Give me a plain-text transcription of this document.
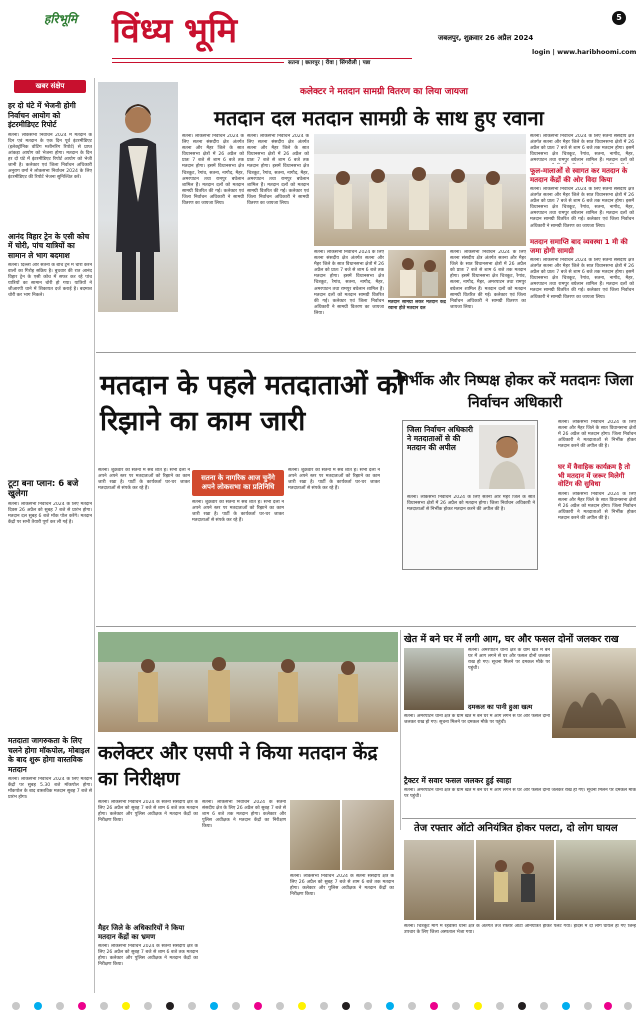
हरिभूमि विंध्य भूमि	5
जबलपुर, शुक्रवार 26 अप्रैल 2024
login | www.haribhoomi.com
सतना | छतरपुर | रीवा | सिंगरौली | पन्ना
खबर संक्षेप
हर दो घंटे में भेजनी होगी निर्वाचन आयोग को इंटरमीडिएट रिपोर्ट
सतना। लोकसभा निर्वाचन 2024 में मतदान के दिन एवं मतदान के एक दिन पूर्व इंटरमीडिएट (इलेक्ट्रॉनिक वोटिंग मशीनरिंग रिपोर्ट) से प्राप्त आंकड़ा आयोग को भेजना होगा। मतदान के दिन हर दो घंटे में इंटरमीडिएट रिपोर्ट आयोग को भेजी जानी है। कलेक्टर एवं जिला निर्वाचन अधिकारी अनुराग वर्मा ने लोकसभा निर्वाचन 2024 के लिए इंटरमीडिएट की रिपोर्ट भेजना सुनिश्चित करें।
आनंद विहार ट्रेन के एसी कोच में चोरी, पांच यात्रियों का सामान ले भाग बदमाश
सतना। दिल्ली और सतना के बीच ट्रेन में चोरी करने वालों का गिरोह सक्रिय है। बुधवार की रात आनंद विहार ट्रेन के एसी कोच में सफर कर रहे पांच यात्रियों का सामान चोरी हो गया। यात्रियों ने जीआरपी थाने में शिकायत दर्ज कराई है। बदमाश चोरी कर भाग निकले।
टूटा बना प्लान: 6 बजे खुलेगा
सतना। लोकसभा निर्वाचन 2024 के लिए मतदान दिवस 26 अप्रैल को सुबह 7 बजे से प्रारंभ होगा। मतदान दल सुबह 6 बजे मॉक पोल करेंगे। मतदान केंद्रों पर सभी तैयारी पूर्ण कर ली गई है।
मतदाता जागरुकता के लिए चलने होगा मॉकपोल, मोबाइल के बाद शुरू होगा वास्तविक मतदान
सतना। लोकसभा निर्वाचन 2024 के लिए मतदान केंद्रों पर सुबह 5.30 बजे मॉकपोल होगा। मॉकपोल के बाद वास्तविक मतदान सुबह 7 बजे से प्रारंभ होगा।
कलेक्टर ने मतदान सामग्री वितरण का लिया जायजा
मतदान दल मतदान सामग्री के साथ हुए रवाना
सतना। लोकसभा निर्वाचन 2024 के लिए सतना संसदीय क्षेत्र अंतर्गत सतना और मैहर जिले के सात विधानसभा क्षेत्रों में 26 अप्रैल को प्रातः 7 बजे से शाम 6 बजे तक मतदान होगा। इसमें विधानसभा क्षेत्र चित्रकूट, रैगांव, सतना, नागौद, मैहर, अमरपाटन तथा रामपुर बघेलान शामिल हैं। मतदान दलों को मतदान सामग्री वितरित की गई। कलेक्टर एवं जिला निर्वाचन अधिकारी ने सामग्री वितरण का जायजा लिया।
सतना। लोकसभा निर्वाचन 2024 के लिए सतना संसदीय क्षेत्र अंतर्गत सतना और मैहर जिले के सात विधानसभा क्षेत्रों में 26 अप्रैल को प्रातः 7 बजे से शाम 6 बजे तक मतदान होगा। इसमें विधानसभा क्षेत्र चित्रकूट, रैगांव, सतना, नागौद, मैहर, अमरपाटन तथा रामपुर बघेलान शामिल हैं। मतदान दलों को मतदान सामग्री वितरित की गई। कलेक्टर एवं जिला निर्वाचन अधिकारी ने सामग्री वितरण का जायजा लिया।
सतना। लोकसभा निर्वाचन 2024 के लिए सतना संसदीय क्षेत्र अंतर्गत सतना और मैहर जिले के सात विधानसभा क्षेत्रों में 26 अप्रैल को प्रातः 7 बजे से शाम 6 बजे तक मतदान होगा। इसमें विधानसभा क्षेत्र चित्रकूट, रैगांव, सतना, नागौद, मैहर, अमरपाटन तथा रामपुर बघेलान शामिल हैं। मतदान दलों को मतदान सामग्री वितरित की गई। कलेक्टर एवं जिला निर्वाचन अधिकारी ने सामग्री वितरण का जायजा लिया।
मतदान सामग्री लेकर मतदान केंद्र रवाना होते मतदान दल
सतना। लोकसभा निर्वाचन 2024 के लिए सतना संसदीय क्षेत्र अंतर्गत सतना और मैहर जिले के सात विधानसभा क्षेत्रों में 26 अप्रैल को प्रातः 7 बजे से शाम 6 बजे तक मतदान होगा। इसमें विधानसभा क्षेत्र चित्रकूट, रैगांव, सतना, नागौद, मैहर, अमरपाटन तथा रामपुर बघेलान शामिल हैं। मतदान दलों को मतदान सामग्री वितरित की गई। कलेक्टर एवं जिला निर्वाचन अधिकारी ने सामग्री वितरण का जायजा लिया।
सतना। लोकसभा निर्वाचन 2024 के लिए सतना संसदीय क्षेत्र अंतर्गत सतना और मैहर जिले के सात विधानसभा क्षेत्रों में 26 अप्रैल को प्रातः 7 बजे से शाम 6 बजे तक मतदान होगा। इसमें विधानसभा क्षेत्र चित्रकूट, रैगांव, सतना, नागौद, मैहर, अमरपाटन तथा रामपुर बघेलान शामिल हैं। मतदान दलों को
फूल-मालाओं से स्वागत कर मतदान के मतदान केंद्रों की ओर विदा किया
सतना। लोकसभा निर्वाचन 2024 के लिए सतना संसदीय क्षेत्र अंतर्गत सतना और मैहर जिले के सात विधानसभा क्षेत्रों में 26 अप्रैल को प्रातः 7 बजे से शाम 6 बजे तक मतदान होगा। इसमें विधानसभा क्षेत्र चित्रकूट, रैगांव, सतना, नागौद, मैहर, अमरपाटन तथा रामपुर बघेलान शामिल हैं। मतदान दलों को मतदान सामग्री वितरित की गई। कलेक्टर एवं जिला निर्वाचन अधिकारी ने सामग्री वितरण का जायजा लिया।
मतदान समाप्ति बाद व्यवस्था 1 मी की जमा होगी सामग्री
सतना। लोकसभा निर्वाचन 2024 के लिए सतना संसदीय क्षेत्र अंतर्गत सतना और मैहर जिले के सात विधानसभा क्षेत्रों में 26 अप्रैल को प्रातः 7 बजे से शाम 6 बजे तक मतदान होगा। इसमें विधानसभा क्षेत्र चित्रकूट, रैगांव, सतना, नागौद, मैहर, अमरपाटन तथा रामपुर बघेलान शामिल हैं। मतदान दलों को मतदान सामग्री वितरित की गई। कलेक्टर एवं जिला निर्वाचन अधिकारी ने सामग्री वितरण का जायजा लिया।
मतदान के पहले मतदाताओं को रिझाने का काम जारी
सतना। शुक्रवार को सतना में सब शांत है। सभी दलों ने अपने अपने स्तर पर मतदाताओं को रिझाने का काम जारी रखा है। पार्टी के कार्यकर्ता घर-घर जाकर मतदाताओं से संपर्क कर रहे हैं।
सतना के नागरिक आज चुनेंगे अपने लोकसभा का प्रतिनिधि
सतना। शुक्रवार को सतना में सब शांत है। सभी दलों ने अपने अपने स्तर पर मतदाताओं को रिझाने का काम जारी रखा है। पार्टी के कार्यकर्ता घर-घर जाकर मतदाताओं से संपर्क कर रहे हैं।
सतना। शुक्रवार को सतना में सब शांत है। सभी दलों ने अपने अपने स्तर पर मतदाताओं को रिझाने का काम जारी रखा है। पार्टी के कार्यकर्ता घर-घर जाकर मतदाताओं से संपर्क कर रहे हैं।
निर्भीक और निष्पक्ष होकर करें मतदानः जिला निर्वाचन अधिकारी
जिला निर्वाचन अधिकारी ने मतदाताओं से की मतदान की अपील
सतना। लोकसभा निर्वाचन 2024 के लिए सतना और मैहर जिले के सात विधानसभा क्षेत्रों में 26 अप्रैल को मतदान होगा। जिला निर्वाचन अधिकारी ने मतदाताओं से निर्भीक होकर मतदान करने की अपील की है।
सतना। लोकसभा निर्वाचन 2024 के लिए सतना और मैहर जिले के सात विधानसभा क्षेत्रों में 26 अप्रैल को मतदान होगा। जिला निर्वाचन अधिकारी ने मतदाताओं से निर्भीक होकर मतदान करने की अपील की है।
घर में वैवाहिक कार्यक्रम है तो भी मतदान में जरूर मिलेगी वोटिंग की सुविधा
सतना। लोकसभा निर्वाचन 2024 के लिए सतना और मैहर जिले के सात विधानसभा क्षेत्रों में 26 अप्रैल को मतदान होगा। जिला निर्वाचन अधिकारी ने मतदाताओं से निर्भीक होकर मतदान करने की अपील की है।
कलेक्टर और एसपी ने किया मतदान केंद्र का निरीक्षण
सतना। लोकसभा निर्वाचन 2024 के सतना संसदीय क्षेत्र के लिए 26 अप्रैल को सुबह 7 बजे से शाम 6 बजे तक मतदान होगा। कलेक्टर और पुलिस अधीक्षक ने मतदान केंद्रों का निरीक्षण किया।
मैहर जिले के अधिकारियों ने किया मतदान केंद्रों का भ्रमण
सतना। लोकसभा निर्वाचन 2024 के सतना संसदीय क्षेत्र के लिए 26 अप्रैल को सुबह 7 बजे से शाम 6 बजे तक मतदान होगा। कलेक्टर और पुलिस अधीक्षक ने मतदान केंद्रों का निरीक्षण किया।
सतना। लोकसभा निर्वाचन 2024 के सतना संसदीय क्षेत्र के लिए 26 अप्रैल को सुबह 7 बजे से शाम 6 बजे तक मतदान होगा। कलेक्टर और पुलिस अधीक्षक ने मतदान केंद्रों का निरीक्षण किया।
सतना। लोकसभा निर्वाचन 2024 के सतना संसदीय क्षेत्र के लिए 26 अप्रैल को सुबह 7 बजे से शाम 6 बजे तक मतदान होगा। कलेक्टर और पुलिस अधीक्षक ने मतदान केंद्रों का निरीक्षण किया।
खेत में बने घर में लगी आग, घर और फसल दोनों जलकर राख
सतना। अमरपाटन थाना क्षेत्र के ग्राम खेत में बने घर में आग लगने से घर और फसल दोनों जलकर राख हो गए। सूचना मिलने पर दमकल मौके पर पहुंची।
दमकल का पानी हुआ खत्म
सतना। अमरपाटन थाना क्षेत्र के ग्राम खेत में बने घर में आग लगने से घर और फसल दोनों जलकर राख हो गए। सूचना मिलने पर दमकल मौके पर पहुंची।
ट्रैक्टर में सवार फसल जलकर हुई स्वाहा
सतना। अमरपाटन थाना क्षेत्र के ग्राम खेत में बने घर में आग लगने से घर और फसल दोनों जलकर राख हो गए। सूचना मिलने पर दमकल मौके पर पहुंची।
तेज रफ्तार ऑटो अनियंत्रित होकर पलटा, दो लोग घायल
सतना। चित्रकूट मार्ग में रहवासा थाना क्षेत्र के अंतर्गत तेज रफ्तार ऑटो अनियंत्रित होकर पलट गया। हादसे में दो लोग घायल हो गए जिन्हें उपचार के लिए जिला अस्पताल भेजा गया।
